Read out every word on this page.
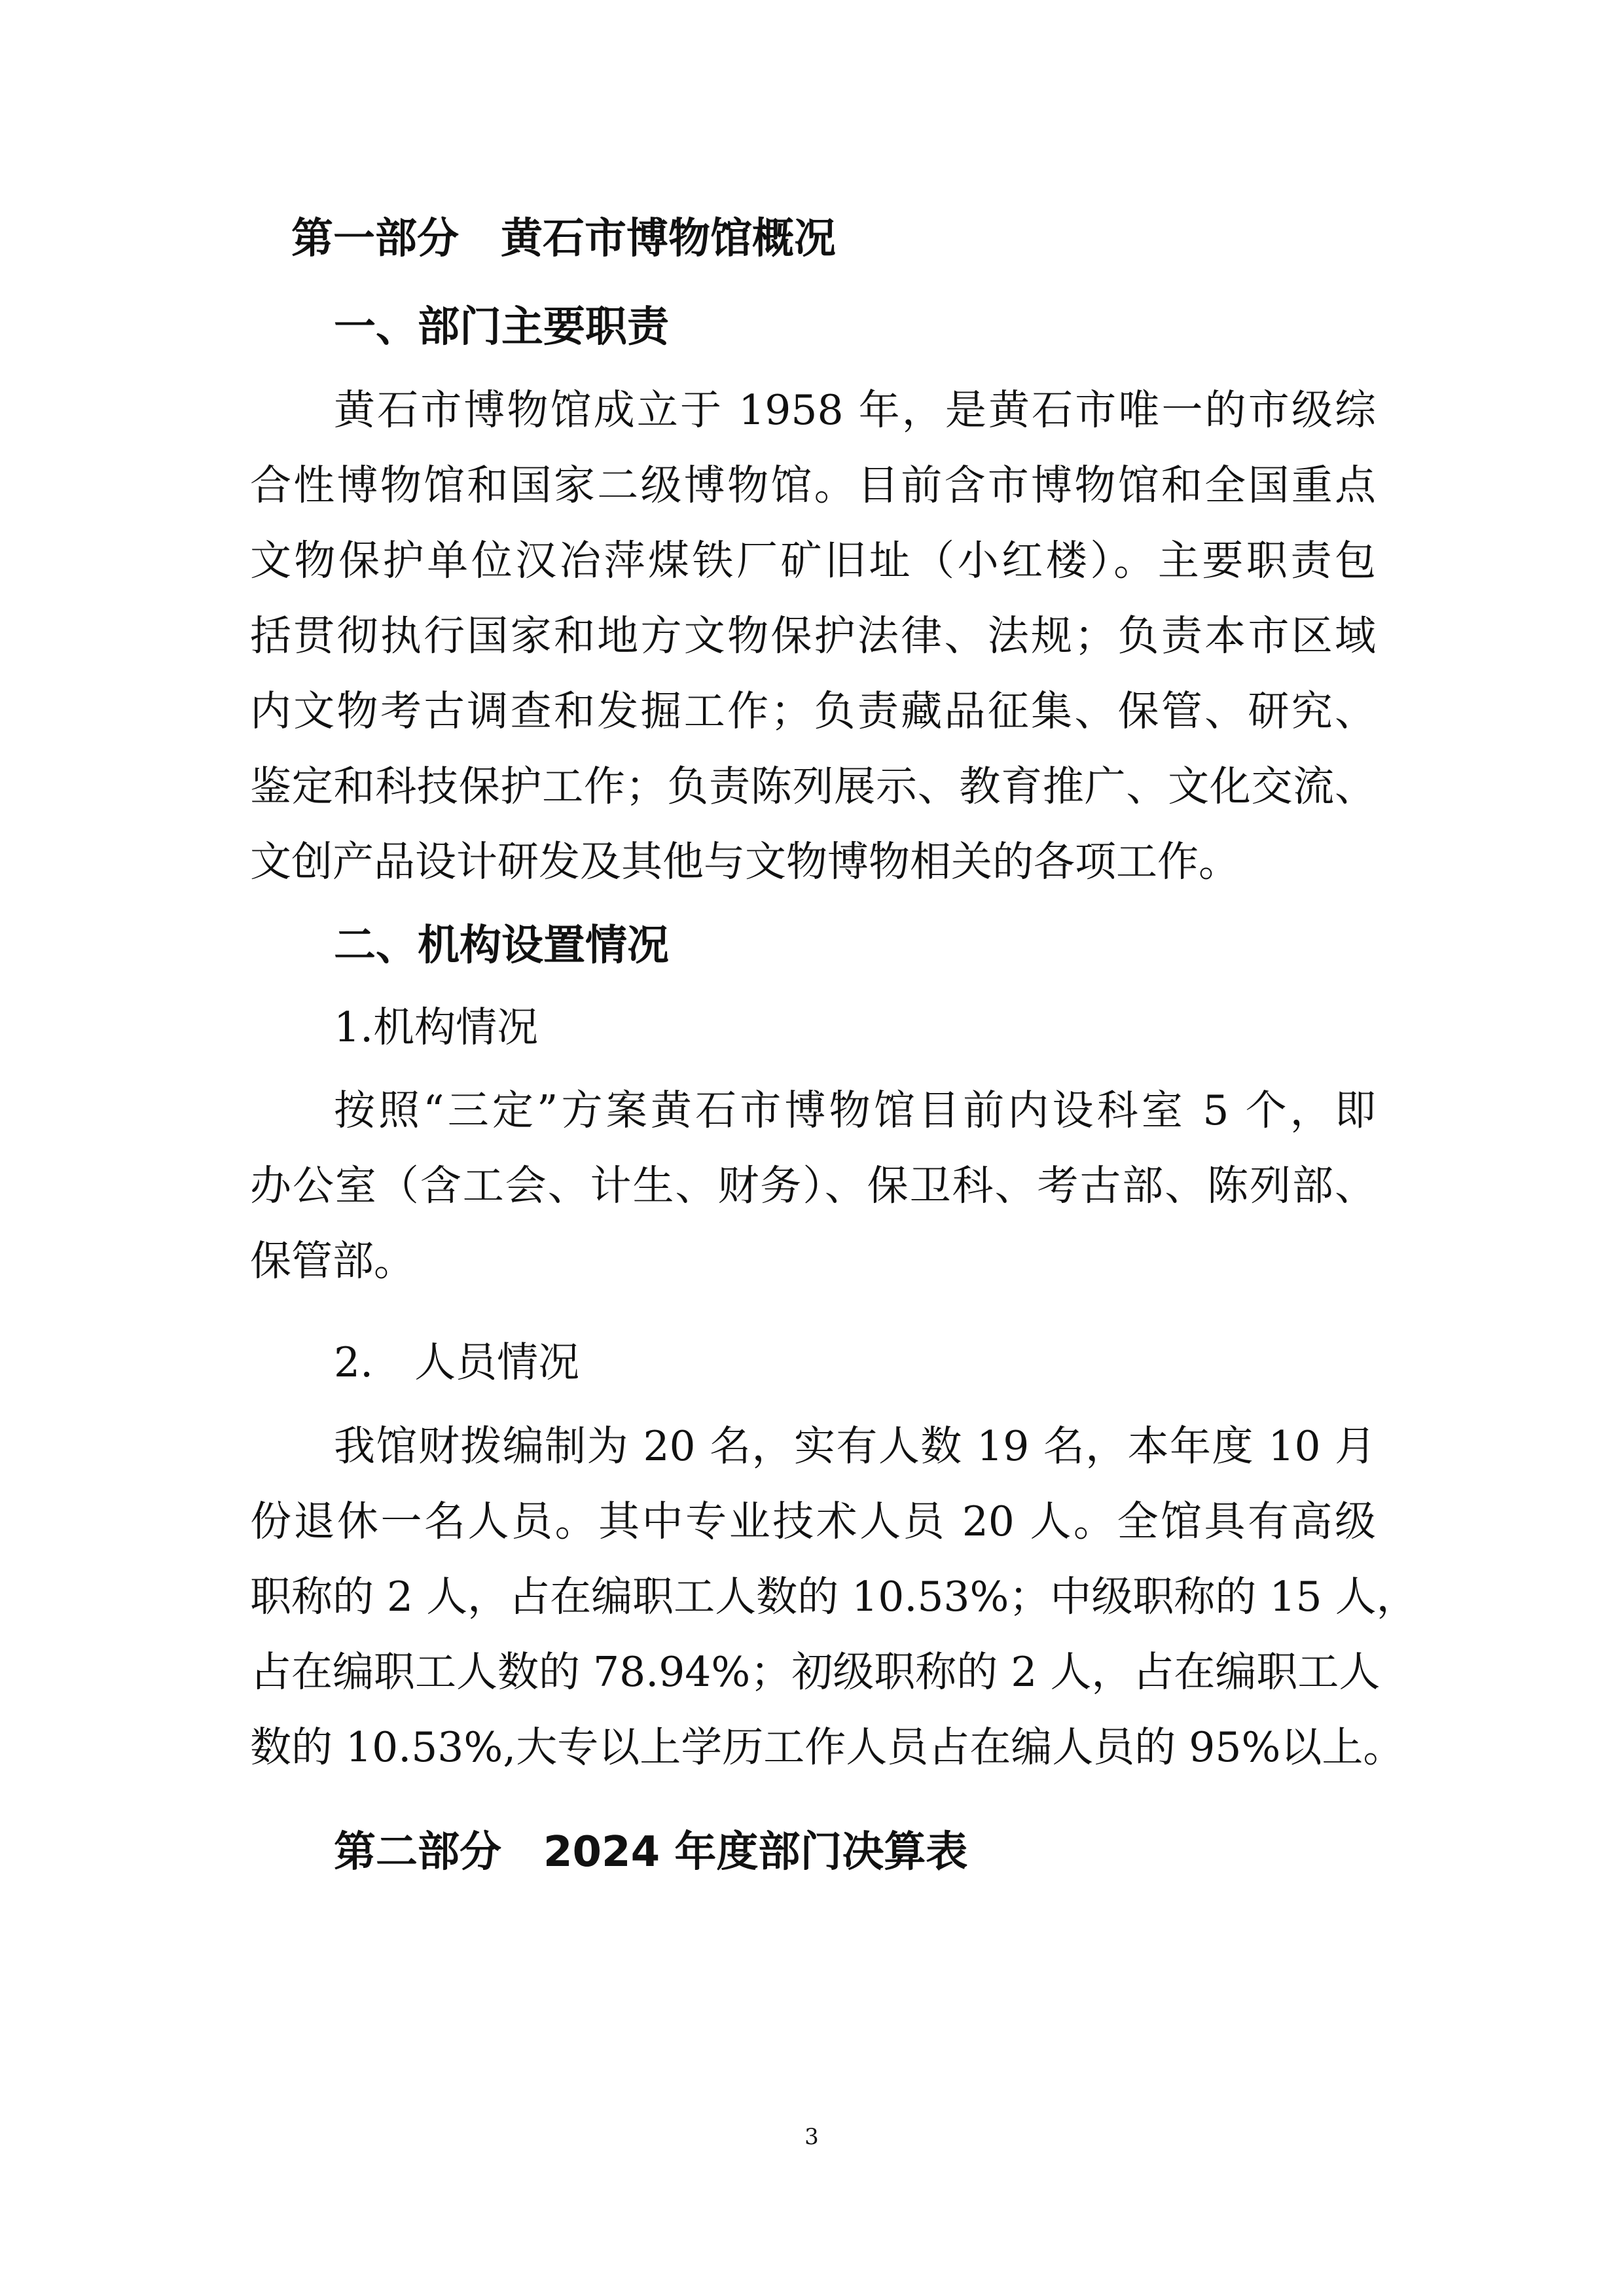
第一部分　黄石市博物馆概况
一、部门主要职责
黄石市博物馆成立于 1958 年，是黄石市唯一的市级综
合性博物馆和国家二级博物馆。目前含市博物馆和全国重点
文物保护单位汉冶萍煤铁厂矿旧址（小红楼）。主要职责包
括贯彻执行国家和地方文物保护法律、法规；负责本市区域
内文物考古调查和发掘工作；负责藏品征集、保管、研究、
鉴定和科技保护工作；负责陈列展示、教育推广、文化交流、
文创产品设计研发及其他与文物博物相关的各项工作。
二、机构设置情况
1.机构情况
按照“三定”方案黄石市博物馆目前内设科室 5 个，即
办公室（含工会、计生、财务）、保卫科、考古部、陈列部、
保管部。
2.　人员情况
我馆财拨编制为 20 名，实有人数 19 名，本年度 10 月
份退休一名人员。其中专业技术人员 20 人。全馆具有高级
职称的 2 人，占在编职工人数的 10.53%；中级职称的 15 人，
占在编职工人数的 78.94%；初级职称的 2 人，占在编职工人
数的 10.53%,大专以上学历工作人员占在编人员的 95%以上。
第二部分　2024 年度部门决算表
3
